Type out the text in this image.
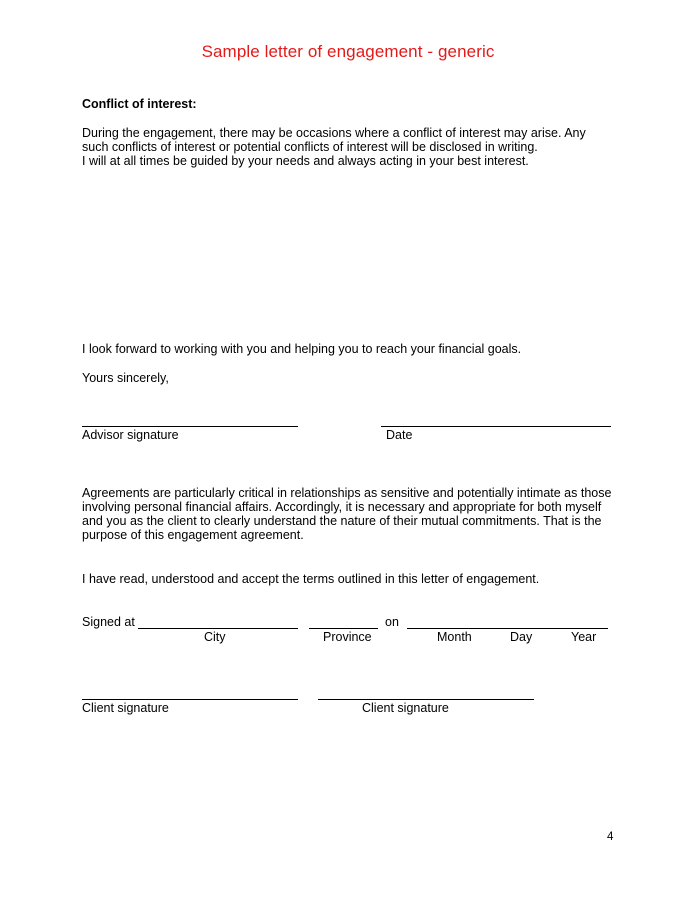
Sample letter of engagement - generic
Conflict of interest:
During the engagement, there may be occasions where a conflict of interest may arise. Any
such conflicts of interest or potential conflicts of interest will be disclosed in writing.
I will at all times be guided by your needs and always acting in your best interest.
I look forward to working with you and helping you to reach your financial goals.
Yours sincerely,
Advisor signature	Date
Agreements are particularly critical in relationships as sensitive and potentially intimate as those
involving personal financial affairs. Accordingly, it is necessary and appropriate for both myself
and you as the client to clearly understand the nature of their mutual commitments. That is the
purpose of this engagement agreement.
I have read, understood and accept the terms outlined in this letter of engagement.
Signed at	on
City	Province	Month	Day	Year
Client signature	Client signature
4
